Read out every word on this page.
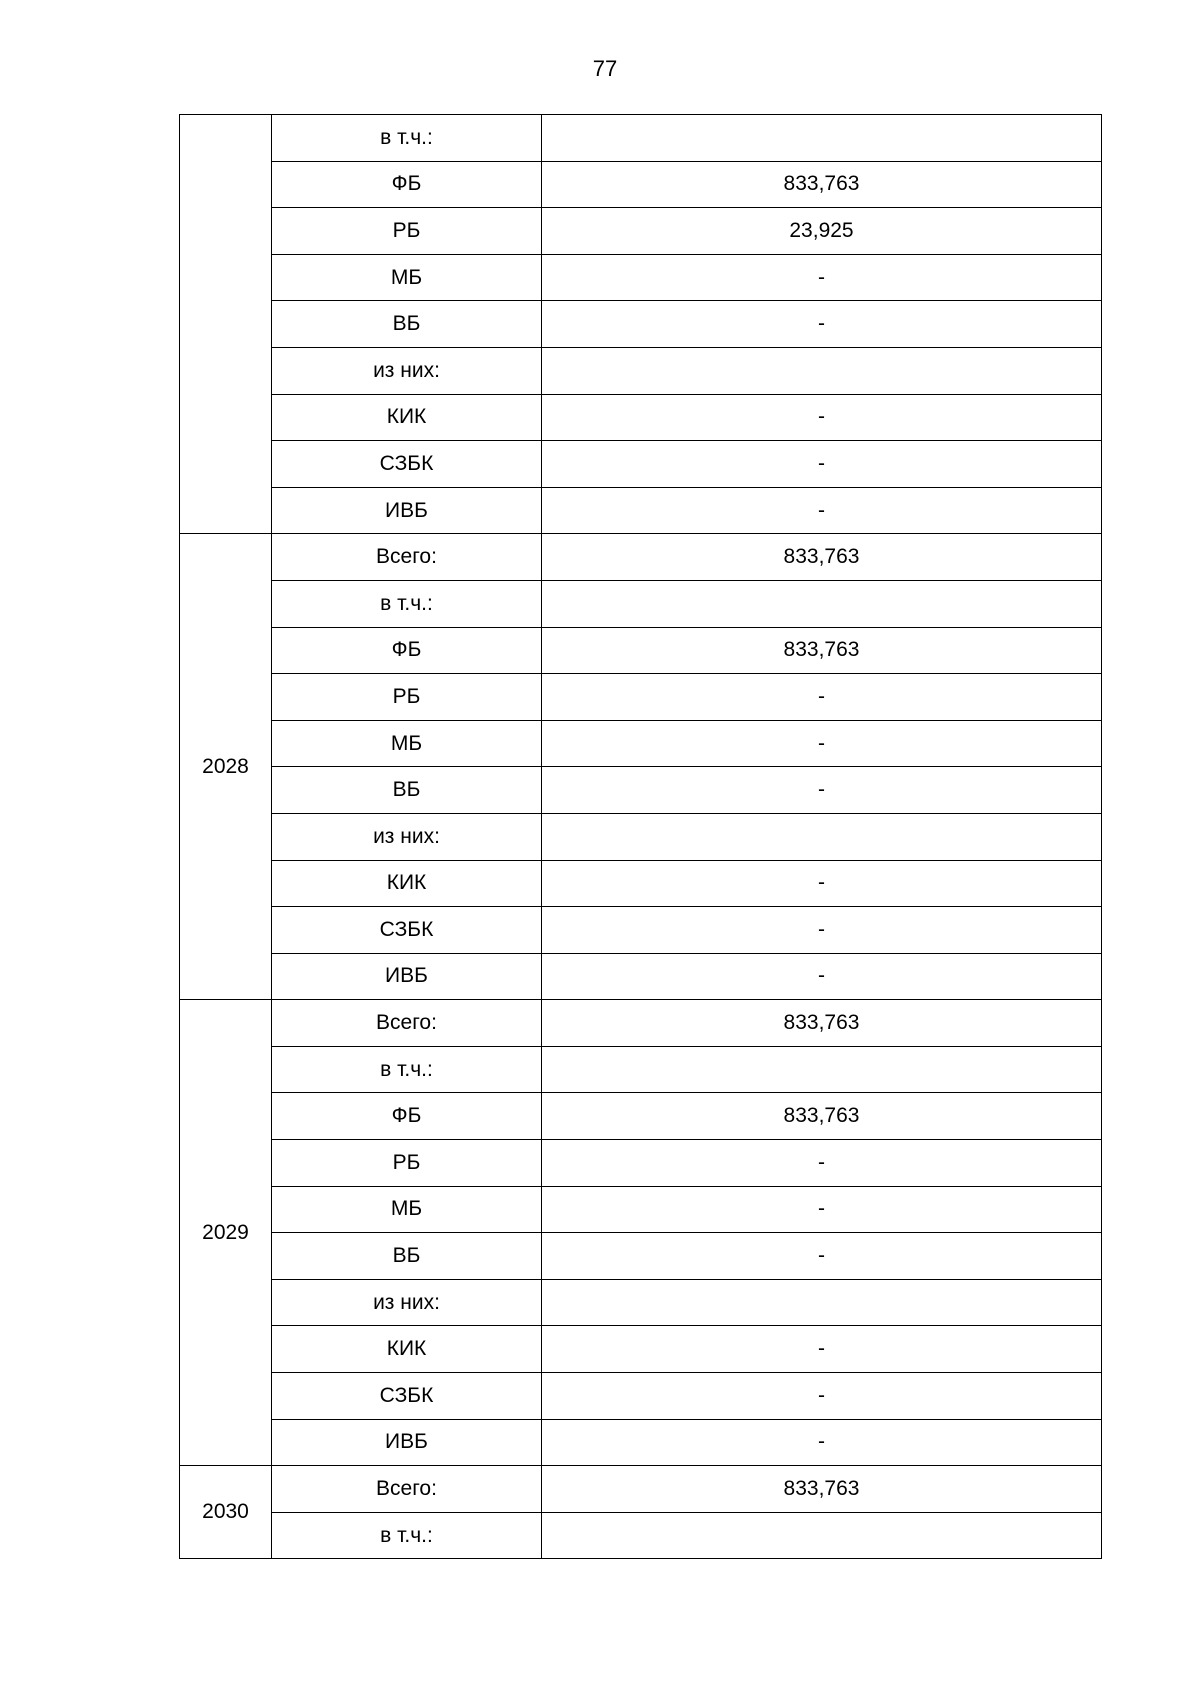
77
	в т.ч.:	
	ФБ	833,763
	РБ	23,925
	МБ	-
	ВБ	-
	из них:	
	КИК	-
	СЗБК	-
	ИВБ	-
2028	Всего:	833,763
	в т.ч.:	
	ФБ	833,763
	РБ	-
	МБ	-
	ВБ	-
	из них:	
	КИК	-
	СЗБК	-
	ИВБ	-
2029	Всего:	833,763
	в т.ч.:	
	ФБ	833,763
	РБ	-
	МБ	-
	ВБ	-
	из них:	
	КИК	-
	СЗБК	-
	ИВБ	-
2030	Всего:	833,763
	в т.ч.:	
